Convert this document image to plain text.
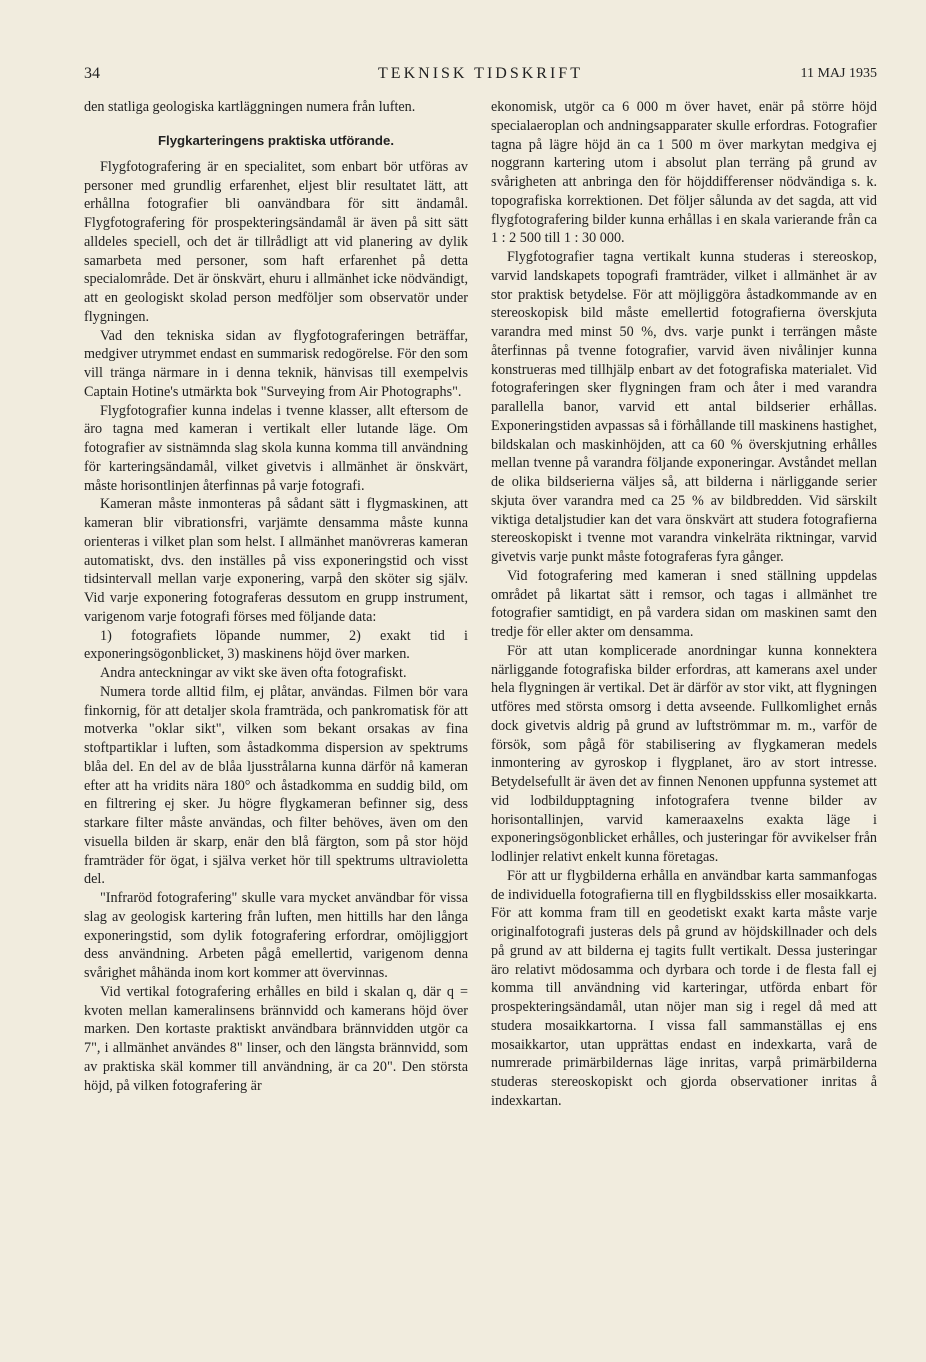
34	TEKNISK TIDSKRIFT	11 MAJ 1935

den statliga geologiska kartläggningen numera från luften.

Flygkarteringens praktiska utförande.

Flygfotografering är en specialitet, som enbart bör utföras av personer med grundlig erfarenhet, eljest blir resultatet lätt, att erhållna fotografier bli oanvändbara för sitt ändamål. Flygfotografering för prospekteringsändamål är även på sitt sätt alldeles speciell, och det är tillrådligt att vid planering av dylik samarbeta med personer, som haft erfarenhet på detta specialområde. Det är önskvärt, ehuru i allmänhet icke nödvändigt, att en geologiskt skolad person medföljer som observatör under flygningen.

Vad den tekniska sidan av flygfotograferingen beträffar, medgiver utrymmet endast en summarisk redogörelse. För den som vill tränga närmare in i denna teknik, hänvisas till exempelvis Captain Hotine's utmärkta bok "Surveying from Air Photographs".

Flygfotografier kunna indelas i tvenne klasser, allt eftersom de äro tagna med kameran i vertikalt eller lutande läge. Om fotografier av sistnämnda slag skola kunna komma till användning för karteringsändamål, vilket givetvis i allmänhet är önskvärt, måste horisontlinjen återfinnas på varje fotografi.

Kameran måste inmonteras på sådant sätt i flygmaskinen, att kameran blir vibrationsfri, varjämte densamma måste kunna orienteras i vilket plan som helst. I allmänhet manövreras kameran automatiskt, dvs. den inställes på viss exponeringstid och visst tidsintervall mellan varje exponering, varpå den sköter sig själv. Vid varje exponering fotograferas dessutom en grupp instrument, varigenom varje fotografi förses med följande data:

1) fotografiets löpande nummer, 2) exakt tid i exponeringsögonblicket, 3) maskinens höjd över marken.

Andra anteckningar av vikt ske även ofta fotografiskt.

Numera torde alltid film, ej plåtar, användas. Filmen bör vara finkornig, för att detaljer skola framträda, och pankromatisk för att motverka "oklar sikt", vilken som bekant orsakas av fina stoftpartiklar i luften, som åstadkomma dispersion av spektrums blåa del. En del av de blåa ljusstrålarna kunna därför nå kameran efter att ha vridits nära 180° och åstadkomma en suddig bild, om en filtrering ej sker. Ju högre flygkameran befinner sig, dess starkare filter måste användas, och filter behöves, även om den visuella bilden är skarp, enär den blå färgton, som på stor höjd framträder för ögat, i själva verket hör till spektrums ultravioletta del.

"Infraröd fotografering" skulle vara mycket användbar för vissa slag av geologisk kartering från luften, men hittills har den långa exponeringstid, som dylik fotografering erfordrar, omöjliggjort dess användning. Arbeten pågå emellertid, varigenom denna svårighet måhända inom kort kommer att övervinnas.

Vid vertikal fotografering erhålles en bild i skalan q, där q = kvoten mellan kameralinsens brännvidd och kamerans höjd över marken. Den kortaste praktiskt användbara brännvidden utgör ca 7", i allmänhet användes 8" linser, och den längsta brännvidd, som av praktiska skäl kommer till användning, är ca 20". Den största höjd, på vilken fotografering är

ekonomisk, utgör ca 6 000 m över havet, enär på större höjd specialaeroplan och andningsapparater skulle erfordras. Fotografier tagna på lägre höjd än ca 1 500 m över markytan medgiva ej noggrann kartering utom i absolut plan terräng på grund av svårigheten att anbringa den för höjddifferenser nödvändiga s. k. topografiska korrektionen. Det följer sålunda av det sagda, att vid flygfotografering bilder kunna erhållas i en skala varierande från ca 1 : 2 500 till 1 : 30 000.

Flygfotografier tagna vertikalt kunna studeras i stereoskop, varvid landskapets topografi framträder, vilket i allmänhet är av stor praktisk betydelse. För att möjliggöra åstadkommande av en stereoskopisk bild måste emellertid fotografierna överskjuta varandra med minst 50 %, dvs. varje punkt i terrängen måste återfinnas på tvenne fotografier, varvid även nivålinjer kunna konstrueras med tillhjälp enbart av det fotografiska materialet. Vid fotograferingen sker flygningen fram och åter i med varandra parallella banor, varvid ett antal bildserier erhållas. Exponeringstiden avpassas så i förhållande till maskinens hastighet, bildskalan och maskinhöjden, att ca 60 % överskjutning erhålles mellan tvenne på varandra följande exponeringar. Avståndet mellan de olika bildserierna väljes så, att bilderna i närliggande serier skjuta över varandra med ca 25 % av bildbredden. Vid särskilt viktiga detaljstudier kan det vara önskvärt att studera fotografierna stereoskopiskt i tvenne mot varandra vinkelräta riktningar, varvid givetvis varje punkt måste fotograferas fyra gånger.

Vid fotografering med kameran i sned ställning uppdelas området på likartat sätt i remsor, och tagas i allmänhet tre fotografier samtidigt, en på vardera sidan om maskinen samt den tredje för eller akter om densamma.

För att utan komplicerade anordningar kunna konnektera närliggande fotografiska bilder erfordras, att kamerans axel under hela flygningen är vertikal. Det är därför av stor vikt, att flygningen utföres med största omsorg i detta avseende. Fullkomlighet ernås dock givetvis aldrig på grund av luftströmmar m. m., varför de försök, som pågå för stabilisering av flygkameran medels inmontering av gyroskop i flygplanet, äro av stort intresse. Betydelsefullt är även det av finnen Nenonen uppfunna systemet att vid lodbildupptagning infotografera tvenne bilder av horisontallinjen, varvid kameraaxelns exakta läge i exponeringsögonblicket erhålles, och justeringar för avvikelser från lodlinjer relativt enkelt kunna företagas.

För att ur flygbilderna erhålla en användbar karta sammanfogas de individuella fotografierna till en flygbildsskiss eller mosaikkarta. För att komma fram till en geodetiskt exakt karta måste varje originalfotografi justeras dels på grund av höjdskillnader och dels på grund av att bilderna ej tagits fullt vertikalt. Dessa justeringar äro relativt mödosamma och dyrbara och torde i de flesta fall ej komma till användning vid karteringar, utförda enbart för prospekteringsändamål, utan nöjer man sig i regel då med att studera mosaikkartorna. I vissa fall sammanställas ej ens mosaikkartor, utan upprättas endast en indexkarta, varå de numrerade primärbildernas läge inritas, varpå primärbilderna studeras stereoskopiskt och gjorda observationer inritas å indexkartan.
